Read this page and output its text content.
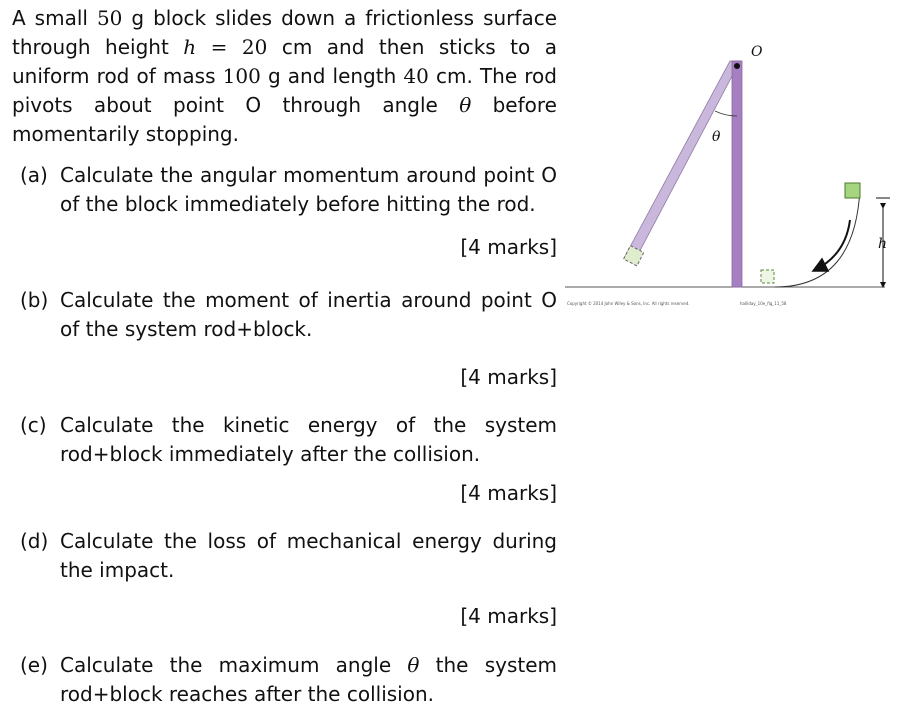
A small 50 g block slides down a frictionless surface through height h = 20 cm and then sticks to a uniform rod of mass 100 g and length 40 cm. The rod pivots about point O through angle θ before momentarily stopping.

(a) Calculate the angular momentum around point O of the block immediately before hitting the rod.
[4 marks]
(b) Calculate the moment of inertia around point O of the system rod+block.
[4 marks]
(c) Calculate the kinetic energy of the system rod+block immediately after the collision.
[4 marks]
(d) Calculate the loss of mechanical energy during the impact.
[4 marks]
(e) Calculate the maximum angle θ the system rod+block reaches after the collision.
O
θ
h
Copyright © 2014 John Wiley & Sons, Inc. All rights reserved.	halliday_10e_fig_11_58
